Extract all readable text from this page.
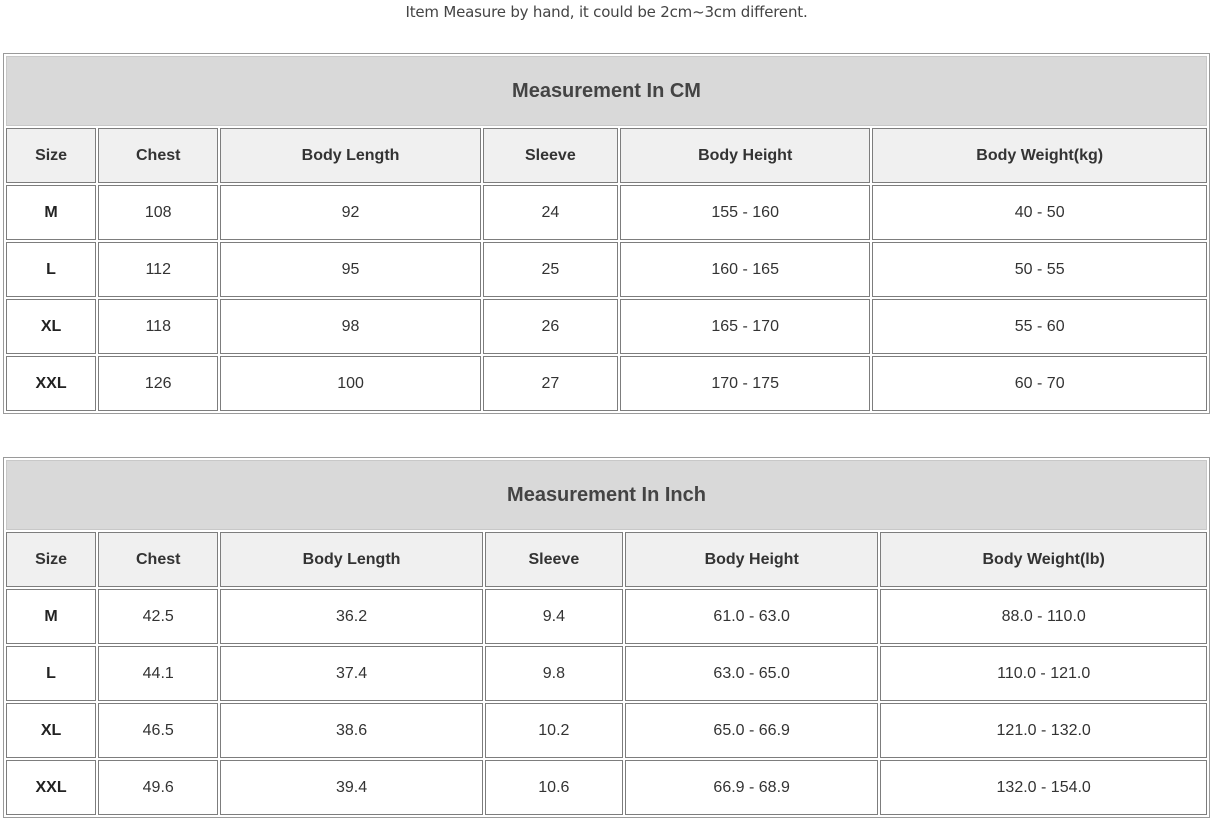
Item Measure by hand, it could be 2cm~3cm different.
Measurement In CM					
Size	Chest	Body Length	Sleeve	Body Height	Body Weight(kg)
M	108	92	24	155 - 160	40 - 50
L	112	95	25	160 - 165	50 - 55
XL	118	98	26	165 - 170	55 - 60
XXL	126	100	27	170 - 175	60 - 70
Measurement In Inch					
Size	Chest	Body Length	Sleeve	Body Height	Body Weight(lb)
M	42.5	36.2	9.4	61.0 - 63.0	88.0 - 110.0
L	44.1	37.4	9.8	63.0 - 65.0	110.0 - 121.0
XL	46.5	38.6	10.2	65.0 - 66.9	121.0 - 132.0
XXL	49.6	39.4	10.6	66.9 - 68.9	132.0 - 154.0
